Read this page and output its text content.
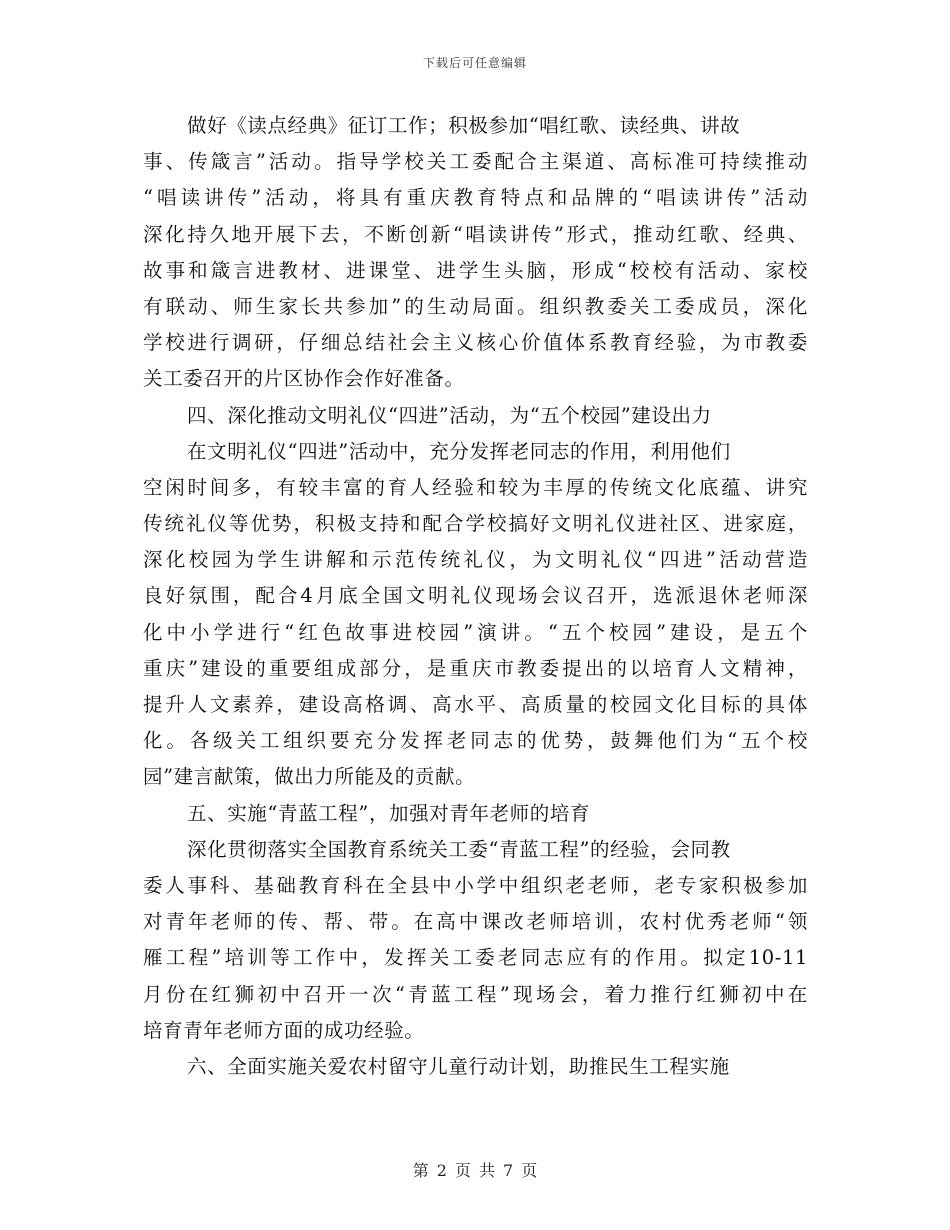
下载后可任意编辑
做好《读点经典》征订工作；积极参加“唱红歌、读经典、讲故
事、传箴言”活动。指导学校关工委配合主渠道、高标准可持续推动
“唱读讲传”活动，将具有重庆教育特点和品牌的“唱读讲传”活动
深化持久地开展下去，不断创新“唱读讲传”形式，推动红歌、经典、
故事和箴言进教材、进课堂、进学生头脑，形成“校校有活动、家校
有联动、师生家长共参加”的生动局面。组织教委关工委成员，深化
学校进行调研，仔细总结社会主义核心价值体系教育经验，为市教委
关工委召开的片区协作会作好准备。
四、深化推动文明礼仪“四进”活动，为“五个校园”建设出力
在文明礼仪“四进”活动中，充分发挥老同志的作用，利用他们
空闲时间多，有较丰富的育人经验和较为丰厚的传统文化底蕴、讲究
传统礼仪等优势，积极支持和配合学校搞好文明礼仪进社区、进家庭，
深化校园为学生讲解和示范传统礼仪，为文明礼仪“四进”活动营造
良好氛围，配合4月底全国文明礼仪现场会议召开，选派退休老师深
化中小学进行“红色故事进校园”演讲。“五个校园”建设，是五个
重庆”建设的重要组成部分，是重庆市教委提出的以培育人文精神，
提升人文素养，建设高格调、高水平、高质量的校园文化目标的具体
化。各级关工组织要充分发挥老同志的优势，鼓舞他们为“五个校
园”建言献策，做出力所能及的贡献。
五、实施“青蓝工程”，加强对青年老师的培育
深化贯彻落实全国教育系统关工委“青蓝工程”的经验，会同教
委人事科、基础教育科在全县中小学中组织老老师，老专家积极参加
对青年老师的传、帮、带。在高中课改老师培训，农村优秀老师“领
雁工程”培训等工作中，发挥关工委老同志应有的作用。拟定10-11
月份在红狮初中召开一次“青蓝工程”现场会，着力推行红狮初中在
培育青年老师方面的成功经验。
六、全面实施关爱农村留守儿童行动计划，助推民生工程实施
第 2 页 共 7 页
